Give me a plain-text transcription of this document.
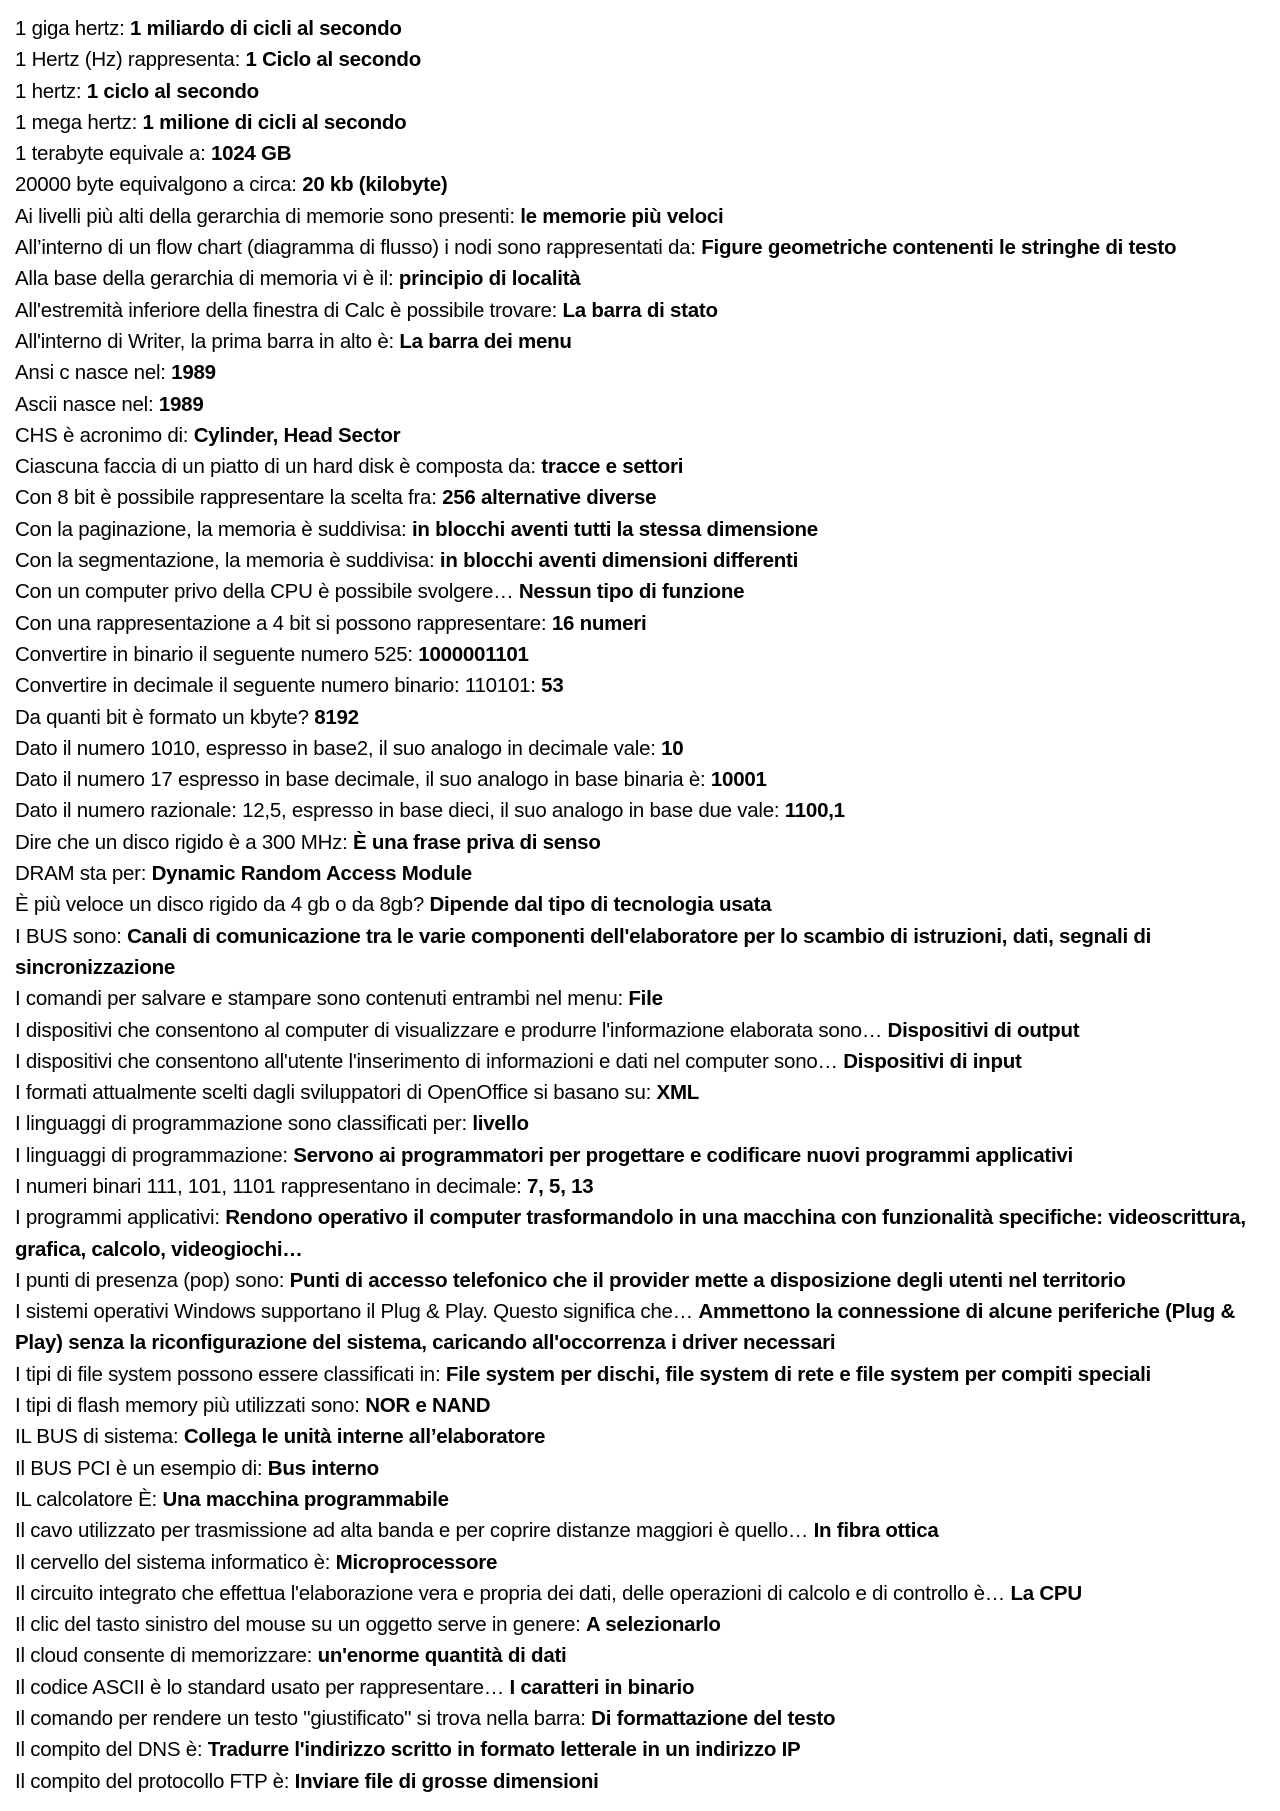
1 giga hertz: 1 miliardo di cicli al secondo

1 Hertz (Hz) rappresenta: 1 Ciclo al secondo

1 hertz: 1 ciclo al secondo

1 mega hertz: 1 milione di cicli al secondo

1 terabyte equivale a: 1024 GB

20000 byte equivalgono a circa: 20 kb (kilobyte)

Ai livelli più alti della gerarchia di memorie sono presenti: le memorie più veloci

All’interno di un flow chart (diagramma di flusso) i nodi sono rappresentati da: Figure geometriche contenenti le stringhe di testo

Alla base della gerarchia di memoria vi è il: principio di località

All'estremità inferiore della finestra di Calc è possibile trovare: La barra di stato

All'interno di Writer, la prima barra in alto è: La barra dei menu

Ansi c nasce nel: 1989

Ascii nasce nel: 1989

CHS è acronimo di: Cylinder, Head Sector

Ciascuna faccia di un piatto di un hard disk è composta da: tracce e settori

Con 8 bit è possibile rappresentare la scelta fra: 256 alternative diverse

Con la paginazione, la memoria è suddivisa: in blocchi aventi tutti la stessa dimensione

Con la segmentazione, la memoria è suddivisa: in blocchi aventi dimensioni differenti

Con un computer privo della CPU è possibile svolgere… Nessun tipo di funzione

Con una rappresentazione a 4 bit si possono rappresentare: 16 numeri

Convertire in binario il seguente numero 525: 1000001101

Convertire in decimale il seguente numero binario: 110101: 53

Da quanti bit è formato un kbyte? 8192

Dato il numero 1010, espresso in base2, il suo analogo in decimale vale: 10

Dato il numero 17 espresso in base decimale, il suo analogo in base binaria è: 10001

Dato il numero razionale: 12,5, espresso in base dieci, il suo analogo in base due vale: 1100,1

Dire che un disco rigido è a 300 MHz: È una frase priva di senso

DRAM sta per: Dynamic Random Access Module

È più veloce un disco rigido da 4 gb o da 8gb? Dipende dal tipo di tecnologia usata

I BUS sono: Canali di comunicazione tra le varie componenti dell'elaboratore per lo scambio di istruzioni, dati, segnali di sincronizzazione

I comandi per salvare e stampare sono contenuti entrambi nel menu: File

I dispositivi che consentono al computer di visualizzare e produrre l'informazione elaborata sono… Dispositivi di output

I dispositivi che consentono all'utente l'inserimento di informazioni e dati nel computer sono… Dispositivi di input

I formati attualmente scelti dagli sviluppatori di OpenOffice si basano su: XML

I linguaggi di programmazione sono classificati per: livello

I linguaggi di programmazione: Servono ai programmatori per progettare e codificare nuovi programmi applicativi

I numeri binari 111, 101, 1101 rappresentano in decimale: 7, 5, 13

I programmi applicativi: Rendono operativo il computer trasformandolo in una macchina con funzionalità specifiche: videoscrittura, grafica, calcolo, videogiochi…

I punti di presenza (pop) sono: Punti di accesso telefonico che il provider mette a disposizione degli utenti nel territorio

I sistemi operativi Windows supportano il Plug & Play. Questo significa che… Ammettono la connessione di alcune periferiche (Plug & Play) senza la riconfigurazione del sistema, caricando all'occorrenza i driver necessari

I tipi di file system possono essere classificati in: File system per dischi, file system di rete e file system per compiti speciali

I tipi di flash memory più utilizzati sono: NOR e NAND

IL BUS di sistema: Collega le unità interne all’elaboratore

Il BUS PCI è un esempio di: Bus interno

IL calcolatore È: Una macchina programmabile

Il cavo utilizzato per trasmissione ad alta banda e per coprire distanze maggiori è quello… In fibra ottica

Il cervello del sistema informatico è: Microprocessore

Il circuito integrato che effettua l'elaborazione vera e propria dei dati, delle operazioni di calcolo e di controllo è… La CPU

Il clic del tasto sinistro del mouse su un oggetto serve in genere: A selezionarlo

Il cloud consente di memorizzare: un'enorme quantità di dati

Il codice ASCII è lo standard usato per rappresentare… I caratteri in binario

Il comando per rendere un testo "giustificato" si trova nella barra: Di formattazione del testo

Il compito del DNS è: Tradurre l'indirizzo scritto in formato letterale in un indirizzo IP

Il compito del protocollo FTP è: Inviare file di grosse dimensioni
